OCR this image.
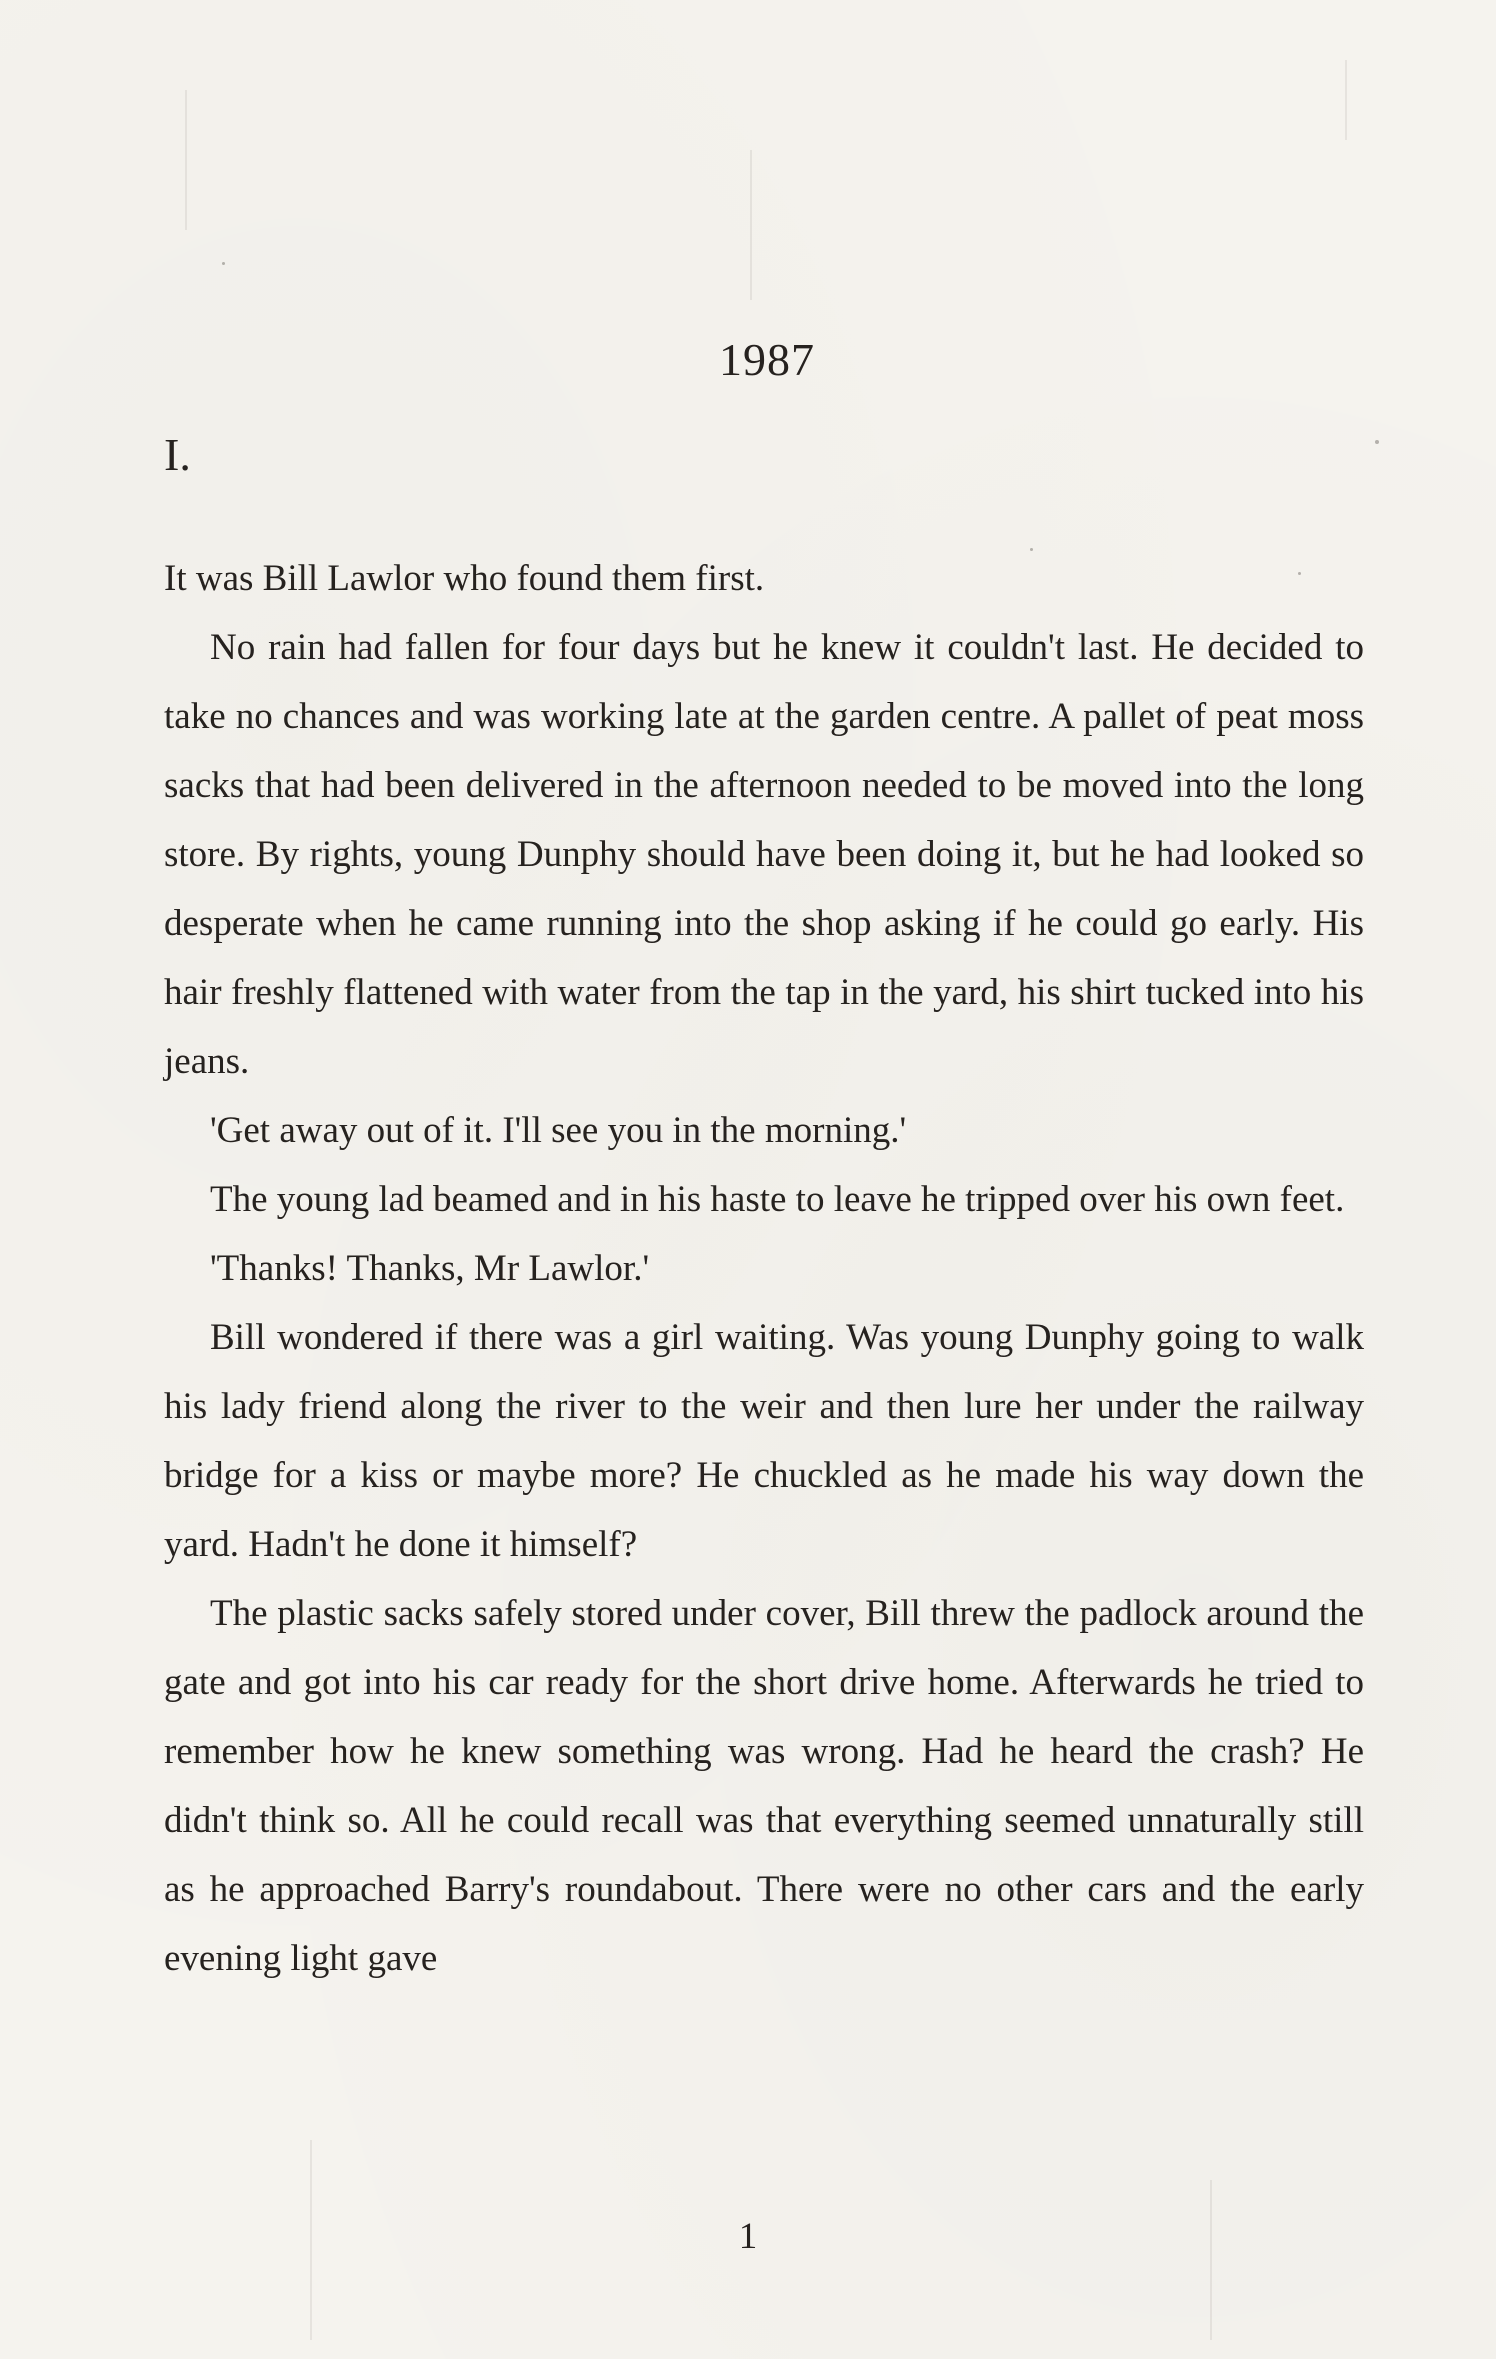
1987
I.

It was Bill Lawlor who found them first.

No rain had fallen for four days but he knew it couldn't last. He decided to take no chances and was working late at the garden centre. A pallet of peat moss sacks that had been delivered in the afternoon needed to be moved into the long store. By rights, young Dunphy should have been doing it, but he had looked so desperate when he came running into the shop asking if he could go early. His hair freshly flattened with water from the tap in the yard, his shirt tucked into his jeans.

'Get away out of it. I'll see you in the morning.'

The young lad beamed and in his haste to leave he tripped over his own feet.

'Thanks! Thanks, Mr Lawlor.'

Bill wondered if there was a girl waiting. Was young Dunphy going to walk his lady friend along the river to the weir and then lure her under the railway bridge for a kiss or maybe more? He chuckled as he made his way down the yard. Hadn't he done it himself?

The plastic sacks safely stored under cover, Bill threw the padlock around the gate and got into his car ready for the short drive home. Afterwards he tried to remember how he knew something was wrong. Had he heard the crash? He didn't think so. All he could recall was that everything seemed unnaturally still as he approached Barry's roundabout. There were no other cars and the early evening light gave

1
